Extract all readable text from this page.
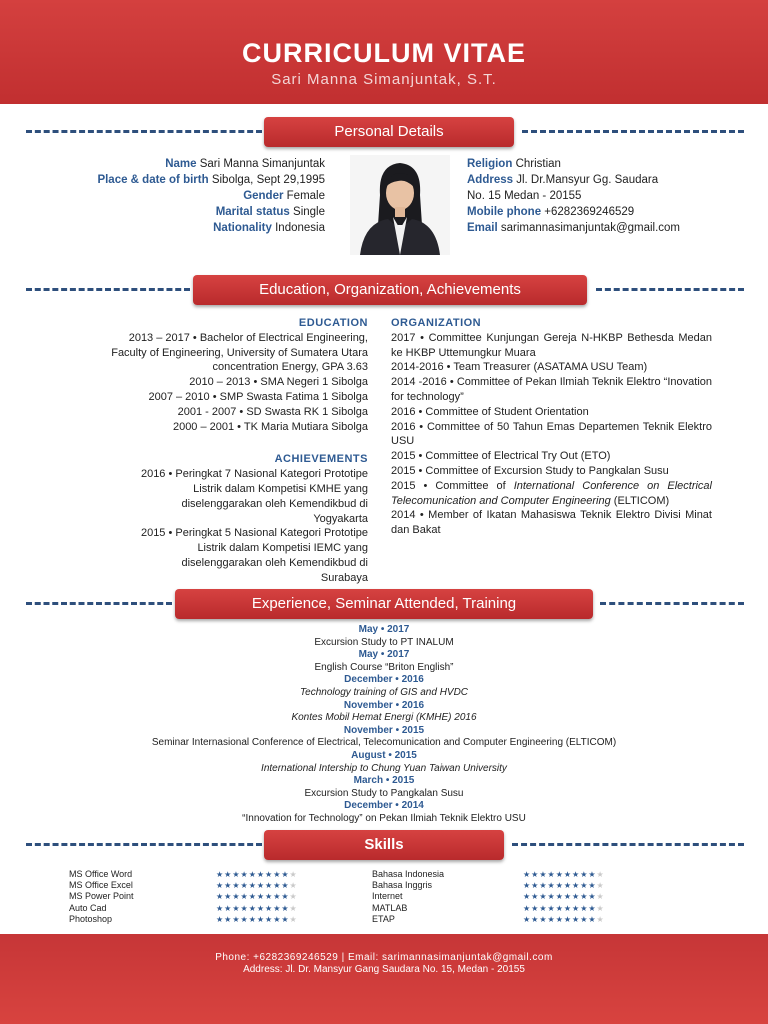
CURRICULUM VITAE
Sari Manna Simanjuntak, S.T.
Personal Details
Name Sari Manna Simanjuntak
Place & date of birth Sibolga, Sept 29,1995
Gender Female
Marital status Single
Nationality Indonesia
Religion Christian
Address Jl. Dr.Mansyur Gg. Saudara
No. 15 Medan - 20155
Mobile phone +6282369246529
Email sarimannasimanjuntak@gmail.com
Education, Organization, Achievements
EDUCATION
2013 – 2017 • Bachelor of Electrical Engineering,
Faculty of Engineering, University of Sumatera Utara
concentration Energy, GPA 3.63
2010 – 2013 • SMA Negeri 1 Sibolga
2007 – 2010 • SMP Swasta Fatima 1 Sibolga
2001 - 2007 • SD Swasta RK 1 Sibolga
2000 – 2001 • TK Maria Mutiara Sibolga
ACHIEVEMENTS
2016 • Peringkat 7 Nasional Kategori Prototipe
Listrik dalam Kompetisi KMHE yang
diselenggarakan oleh Kemendikbud di
Yogyakarta
2015 • Peringkat 5 Nasional Kategori Prototipe
Listrik dalam Kompetisi IEMC yang
diselenggarakan oleh Kemendikbud di
Surabaya
ORGANIZATION
2017 • Committee Kunjungan Gereja N-HKBP Bethesda Medan ke HKBP Uttemungkur Muara
2014-2016 • Team Treasurer (ASATAMA USU Team)
2014 -2016 • Committee of Pekan Ilmiah Teknik Elektro “Inovation for technology”
2016 • Committee of Student Orientation
2016 • Committee of 50 Tahun Emas Departemen Teknik Elektro USU
2015 • Committee of Electrical Try Out (ETO)
2015 • Committee of Excursion Study to Pangkalan Susu
2015 • Committee of International Conference on Electrical Telecomunication and Computer Engineering (ELTICOM)
2014 • Member of Ikatan Mahasiswa Teknik Elektro Divisi Minat dan Bakat
Experience, Seminar Attended, Training
May • 2017
Excursion Study to PT INALUM
May • 2017
English Course “Briton English”
December • 2016
Technology training of GIS and HVDC
November • 2016
Kontes Mobil Hemat Energi (KMHE) 2016
November • 2015
Seminar Internasional Conference of Electrical, Telecomunication and Computer Engineering (ELTICOM)
August • 2015
International Intership to Chung Yuan Taiwan University
March • 2015
Excursion Study to Pangkalan Susu
December • 2014
“Innovation for Technology” on Pekan Ilmiah Teknik Elektro USU
Skills
MS Office Word
MS Office Excel
MS Power Point
Auto Cad
Photoshop
★★★★★★★★★★
★★★★★★★★★★
★★★★★★★★★★
★★★★★★★★★★
★★★★★★★★★★
Bahasa Indonesia
Bahasa Inggris
Internet
MATLAB
ETAP
★★★★★★★★★★
★★★★★★★★★★
★★★★★★★★★★
★★★★★★★★★★
★★★★★★★★★★
Phone: +6282369246529 | Email: sarimannasimanjuntak@gmail.com
Address: Jl. Dr. Mansyur Gang Saudara No. 15, Medan - 20155
